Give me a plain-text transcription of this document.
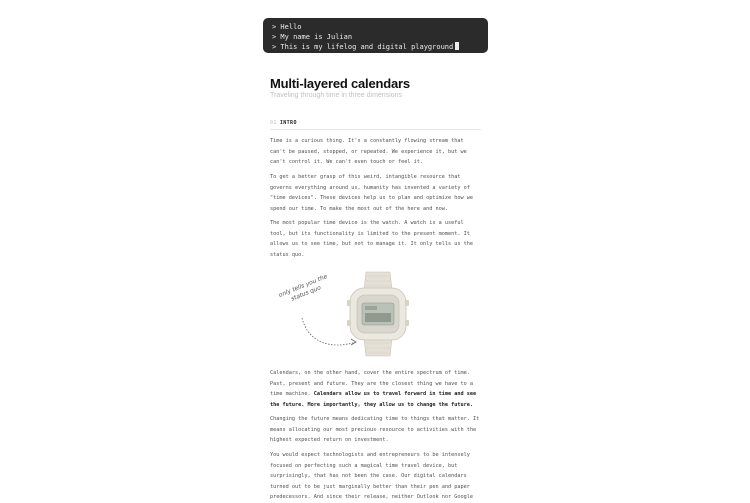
> Hello
> My name is Julian
> This is my lifelog and digital playground
Multi-layered calendars
Traveling through time in three dimensions
01 INTRO

Time is a curious thing. It's a constantly flowing stream that can't be paused, stopped, or repeated. We experience it, but we can't control it. We can't even touch or feel it.

To get a better grasp of this weird, intangible resource that governs everything around us, humanity has invented a variety of "time devices". These devices help us to plan and optimize how we spend our time. To make the most out of the here and now.

The most popular time device is the watch. A watch is a useful tool, but its functionality is limited to the present moment. It allows us to see time, but not to manage it. It only tells us the status quo.

only tells you the status quo

Calendars, on the other hand, cover the entire spectrum of time. Past, present and future. They are the closest thing we have to a time machine. Calendars allow us to travel forward in time and see the future. More importantly, they allow us to change the future.

Changing the future means dedicating time to things that matter. It means allocating our most precious resource to activities with the highest expected return on investment.

You would expect technologists and entrepreneurs to be intensely focused on perfecting such a magical time travel device, but surprisingly, that has not been the case. Our digital calendars turned out to be just marginally better than their pen and paper predecessors. And since their release, neither Outlook nor Google
